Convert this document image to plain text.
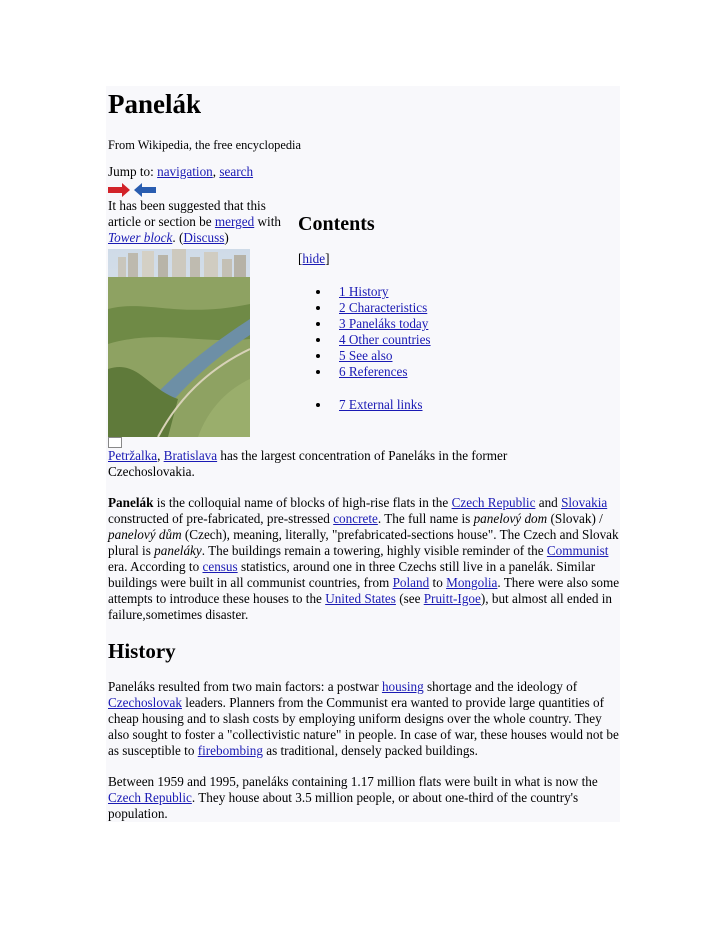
Panelák
From Wikipedia, the free encyclopedia
Jump to: navigation, search
It has been suggested that this article or section be merged with Tower block. (Discuss)
Contents
[hide]
1 History
2 Characteristics
3 Paneláks today
4 Other countries
5 See also
6 References
7 External links
Petržalka, Bratislava has the largest concentration of Paneláks in the former Czechoslovakia.
Panelák is the colloquial name of blocks of high-rise flats in the Czech Republic and Slovakia constructed of pre-fabricated, pre-stressed concrete. The full name is panelový dom (Slovak) / panelový dům (Czech), meaning, literally, "prefabricated-sections house". The Czech and Slovak plural is paneláky. The buildings remain a towering, highly visible reminder of the Communist era. According to census statistics, around one in three Czechs still live in a panelák. Similar buildings were built in all communist countries, from Poland to Mongolia. There were also some attempts to introduce these houses to the United States (see Pruitt-Igoe), but almost all ended in failure,sometimes disaster.
History
Paneláks resulted from two main factors: a postwar housing shortage and the ideology of Czechoslovak leaders. Planners from the Communist era wanted to provide large quantities of cheap housing and to slash costs by employing uniform designs over the whole country. They also sought to foster a "collectivistic nature" in people. In case of war, these houses would not be as susceptible to firebombing as traditional, densely packed buildings.
Between 1959 and 1995, paneláks containing 1.17 million flats were built in what is now the Czech Republic. They house about 3.5 million people, or about one-third of the country's population.
